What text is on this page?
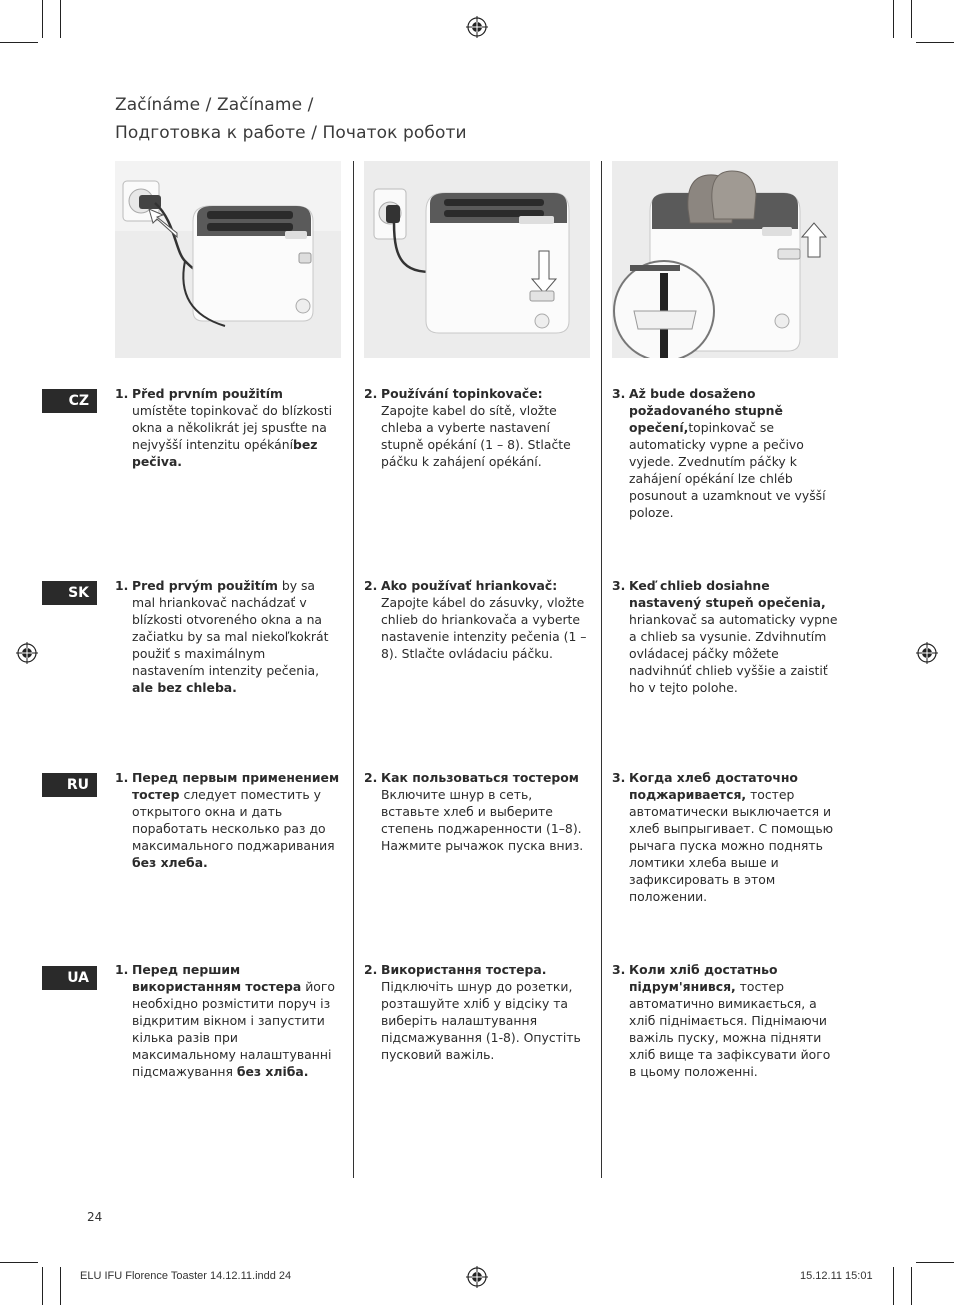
Začínáme / Začíname /
Подготовка к работе / Початок роботи
CZ
SK
RU
UA
1. Před prvním použitím umístěte topinkovač do blízkosti okna a několikrát jej spusťte na nejvyšší intenzitu opékáníbez pečiva.
2. Používání topinkovače: Zapojte kabel do sítě, vložte chleba a vyberte nastavení stupně opékání (1 – 8). Stlačte páčku k zahájení opékání.
3. Až bude dosaženo požadovaného stupně opečení,topinkovač se automaticky vypne a pečivo vyjede. Zvednutím páčky k zahájení opékání lze chléb posunout a uzamknout ve vyšší poloze.
1. Pred prvým použitím by sa mal hriankovač nachádzať v blízkosti otvoreného okna a na začiatku by sa mal niekoľkokrát použiť s maximálnym nastavením intenzity pečenia, ale bez chleba.
2. Ako používať hriankovač: Zapojte kábel do zásuvky, vložte chlieb do hriankovača a vyberte nastavenie intenzity pečenia (1 – 8). Stlačte ovládaciu páčku.
3. Keď chlieb dosiahne nastavený stupeň opečenia, hriankovač sa automaticky vypne a chlieb sa vysunie. Zdvihnutím ovládacej páčky môžete nadvihnúť chlieb vyššie a zaistiť ho v tejto polohe.
1. Перед первым применением тостер следует поместить у открытого окна и дать поработать несколько раз до максимального поджаривания без хлеба.
2. Как пользоваться тостером Включите шнур в сеть, вставьте хлеб и выберите степень поджаренности (1–8). Нажмите рычажок пуска вниз.
3. Когда хлеб достаточно поджаривается, тостер автоматически выключается и хлеб выпрыгивает. С помощью рычага пуска можно поднять ломтики хлеба выше и зафиксировать в этом положении.
1. Перед першим використанням тостера його необхідно розмістити поруч із відкритим вікном і запустити кілька разів при максимальному налаштуванні підсмажування без хліба.
2. Використання тостера. Підключіть шнур до розетки, розташуйте хліб у відсіку та виберіть налаштування підсмажування (1-8). Опустіть пусковий важіль.
3. Коли хліб достатньо підрум'янився, тостер автоматично вимикається, а хліб піднімається. Піднімаючи важіль пуску, можна підняти хліб вище та зафіксувати його в цьому положенні.
24
ELU IFU Florence Toaster 14.12.11.indd 24	15.12.11 15:01
